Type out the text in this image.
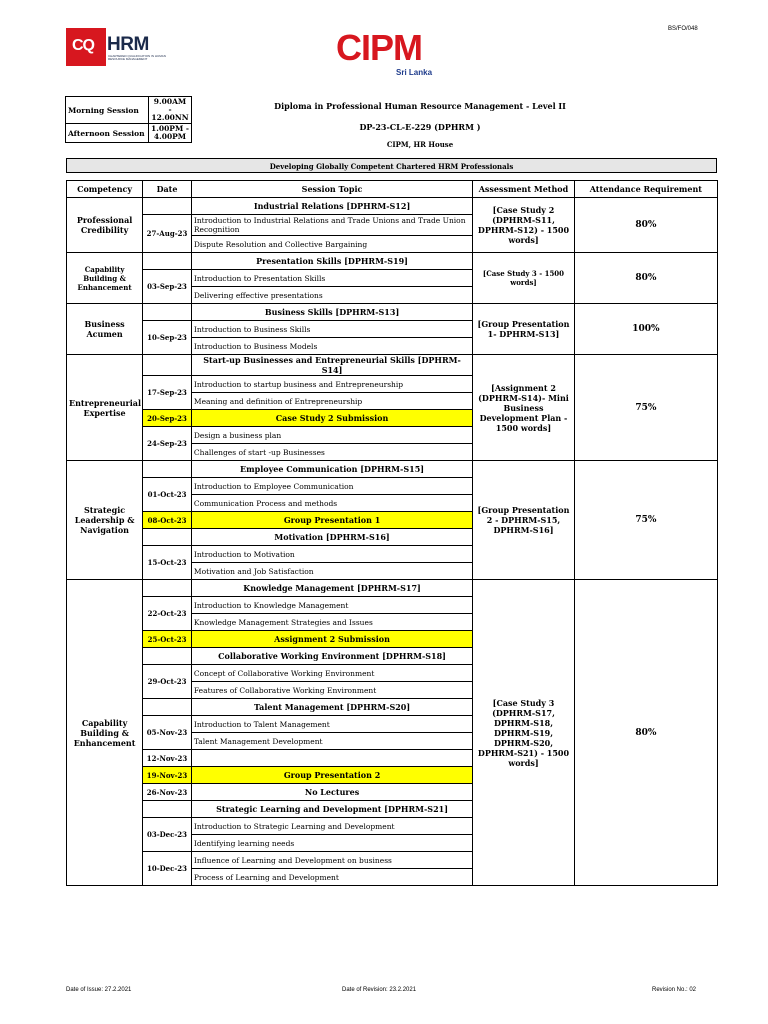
BS/FO/048
CQ HRM
CHARTERED QUALIFICATION IN HUMAN RESOURCE MANAGEMENT	CIPM
Sri Lanka
Morning Session	9.00AM - 12.00NN
Afternoon Session	1.00PM - 4.00PM
Diploma in Professional Human Resource Management - Level II
DP-23-CL-E-229 (DPHRM )
CIPM, HR House
Developing Globally Competent Chartered HRM Professionals
Competency	Date	Session Topic	Assessment Method	Attendance Requirement
Professional Credibility		Industrial Relations [DPHRM-S12]	[Case Study 2 (DPHRM-S11, DPHRM-S12) - 1500 words]	80%
	27-Aug-23	Introduction to Industrial Relations and Trade Unions and Trade Union Recognition		
		Dispute Resolution and Collective Bargaining		
Capability Building & Enhancement		Presentation Skills [DPHRM-S19]	[Case Study 3 - 1500 words]	80%
	03-Sep-23	Introduction to Presentation Skills		
		Delivering effective presentations		
Business Acumen		Business Skills [DPHRM-S13]	[Group Presentation 1- DPHRM-S13]	100%
	10-Sep-23	Introduction to Business Skills		
		Introduction to Business Models		
Entrepreneurial Expertise		Start-up Businesses and Entrepreneurial Skills [DPHRM-S14]	[Assignment 2 (DPHRM-S14)- Mini Business Development Plan - 1500 words]	75%
	17-Sep-23	Introduction to startup business and Entrepreneurship		
		Meaning and definition of Entrepreneurship		
	20-Sep-23	Case Study 2 Submission		
	24-Sep-23	Design a business plan		
		Challenges of start -up Businesses		
Strategic Leadership & Navigation		Employee Communication [DPHRM-S15]	[Group Presentation 2 - DPHRM-S15, DPHRM-S16]	75%
	01-Oct-23	Introduction to Employee Communication		
		Communication Process and methods		
	08-Oct-23	Group Presentation 1		
		Motivation [DPHRM-S16]		
	15-Oct-23	Introduction to Motivation		
		Motivation and Job Satisfaction		
Capability Building & Enhancement		Knowledge Management [DPHRM-S17]	[Case Study 3 (DPHRM-S17, DPHRM-S18, DPHRM-S19, DPHRM-S20, DPHRM-S21) - 1500 words]	80%
	22-Oct-23	Introduction to Knowledge Management		
		Knowledge Management Strategies and Issues		
	25-Oct-23	Assignment 2 Submission		
		Collaborative Working Environment [DPHRM-S18]		
	29-Oct-23	Concept of Collaborative Working Environment		
		Features of Collaborative Working Environment		
		Talent Management [DPHRM-S20]		
	05-Nov-23	Introduction to Talent Management		
		Talent Management Development		
	12-Nov-23			
	19-Nov-23	Group Presentation 2		
	26-Nov-23	No Lectures		
		Strategic Learning and Development [DPHRM-S21]		
	03-Dec-23	Introduction to Strategic Learning and Development		
		Identifying learning needs		
	10-Dec-23	Influence of Learning and Development on business		
		Process of Learning and Development		
Date of Issue: 27.2.2021	Date of Revision: 23.2.2021	Revision No.: 02
